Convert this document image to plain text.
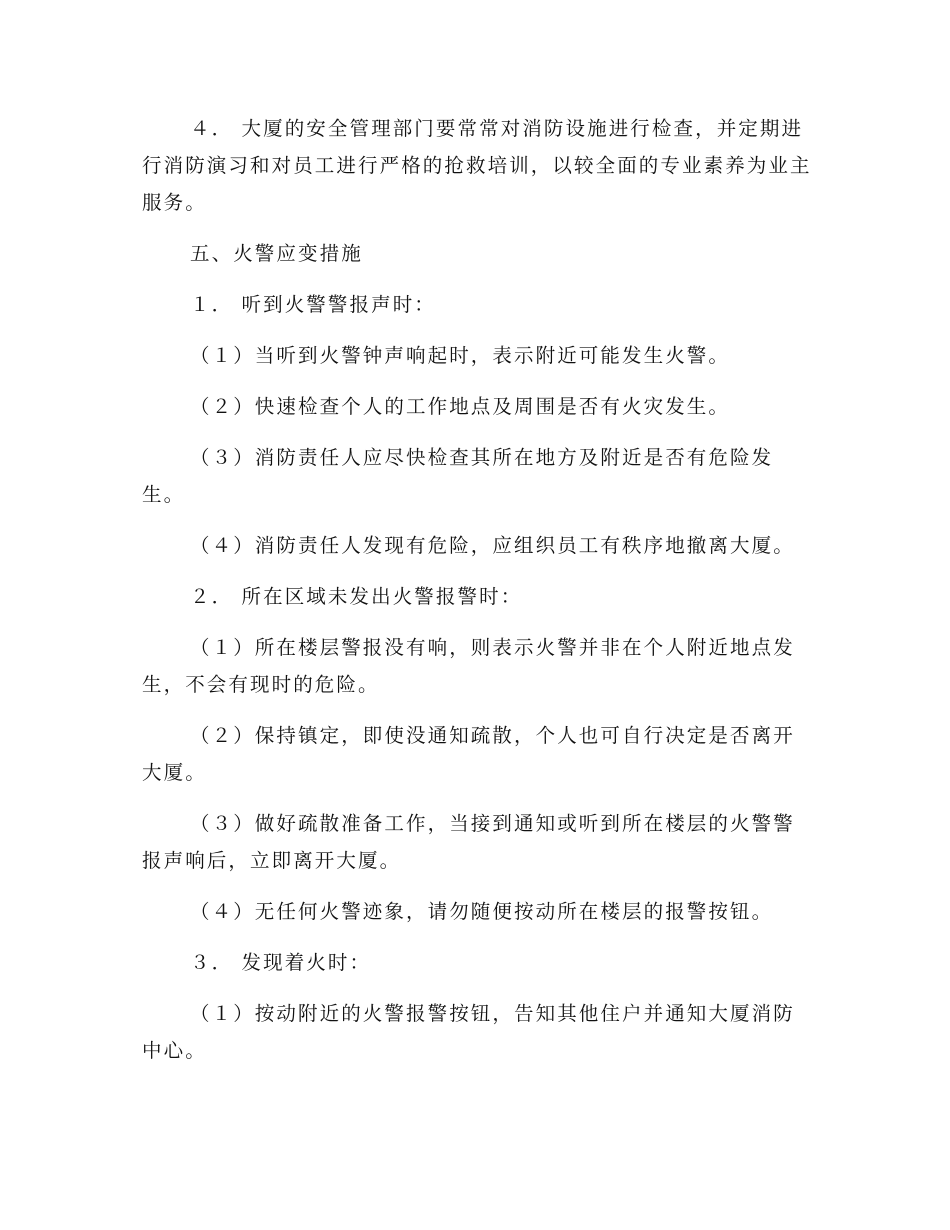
４． 大厦的安全管理部门要常常对消防设施进行检查，并定期进行消防演习和对员工进行严格的抢救培训，以较全面的专业素养为业主服务。

五、火警应变措施

１． 听到火警警报声时：

（１）当听到火警钟声响起时，表示附近可能发生火警。

（２）快速检查个人的工作地点及周围是否有火灾发生。

（３）消防责任人应尽快检查其所在地方及附近是否有危险发生。

（４）消防责任人发现有危险，应组织员工有秩序地撤离大厦。

２． 所在区域未发出火警报警时：

（１）所在楼层警报没有响，则表示火警并非在个人附近地点发生，不会有现时的危险。

（２）保持镇定，即使没通知疏散，个人也可自行决定是否离开大厦。

（３）做好疏散准备工作，当接到通知或听到所在楼层的火警警报声响后，立即离开大厦。

（４）无任何火警迹象，请勿随便按动所在楼层的报警按钮。

３． 发现着火时：

（１）按动附近的火警报警按钮，告知其他住户并通知大厦消防中心。
